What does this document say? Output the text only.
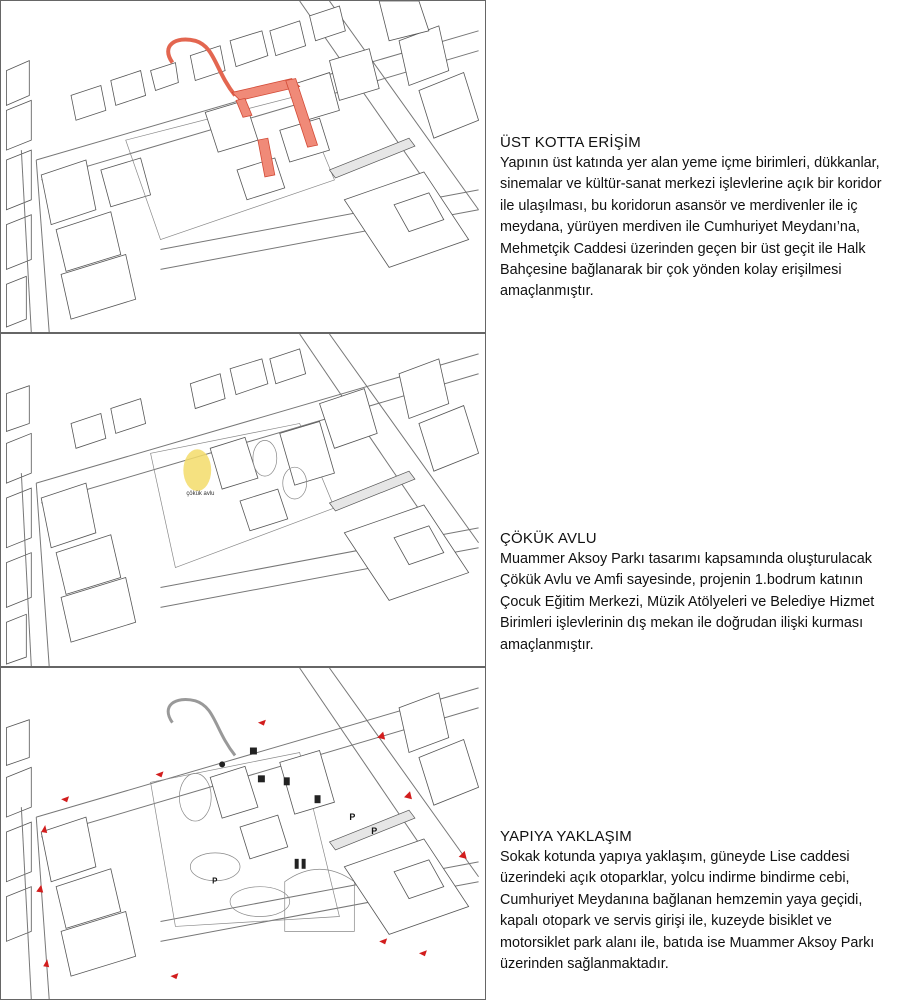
çökük avlu
P
P
P
ÜST KOTTA ERİŞİM

Yapının üst katında yer alan yeme içme birimleri, dükkanlar, sinemalar ve kültür-sanat merkezi işlevlerine açık bir koridor ile ulaşılması, bu koridorun asansör ve merdivenler ile iç meydana, yürüyen merdiven ile Cumhuriyet Meydanı’na, Mehmetçik Caddesi üzerinden geçen bir üst geçit ile Halk Bahçesine bağlanarak bir çok yönden kolay erişilmesi amaçlanmıştır.

ÇÖKÜK AVLU

Muammer Aksoy Parkı tasarımı kapsamında oluşturulacak Çökük Avlu ve Amfi sayesinde, projenin 1.bodrum katının Çocuk Eğitim Merkezi, Müzik Atölyeleri ve Belediye Hizmet Birimleri işlevlerinin dış mekan ile doğrudan ilişki kurması amaçlanmıştır.

YAPIYA YAKLAŞIM

Sokak kotunda yapıya yaklaşım, güneyde Lise caddesi üzerindeki açık otoparklar, yolcu indirme bindirme cebi, Cumhuriyet Meydanına bağlanan hemzemin yaya geçidi, kapalı otopark ve servis girişi ile, kuzeyde bisiklet ve motorsiklet park alanı ile, batıda ise Muammer Aksoy Parkı üzerinden sağlanmaktadır.
